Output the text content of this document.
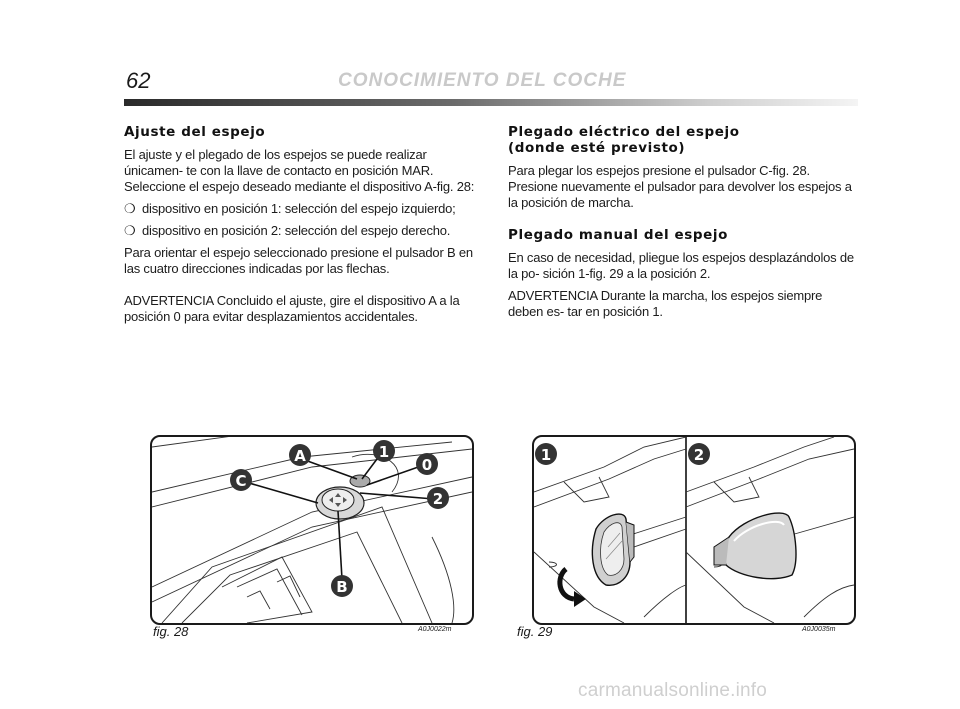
62	CONOCIMIENTO DEL COCHE

Ajuste del espejo

El ajuste y el plegado de los espejos se puede realizar únicamen- te con la llave de contacto en posición MAR.

Seleccione el espejo deseado mediante el dispositivo A-fig. 28:

❍ dispositivo en posición 1: selección del espejo izquierdo;
❍ dispositivo en posición 2: selección del espejo derecho.

Para orientar el espejo seleccionado presione el pulsador B en las cuatro direcciones indicadas por las flechas.

ADVERTENCIA Concluido el ajuste, gire el dispositivo A a la posición 0 para evitar desplazamientos accidentales.

Plegado eléctrico del espejo

(donde esté previsto)

Para plegar los espejos presione el pulsador C-fig. 28. Presione nuevamente el pulsador para devolver los espejos a la posición de marcha.

Plegado manual del espejo

En caso de necesidad, pliegue los espejos desplazándolos de la po- sición 1-fig. 29 a la posición 2.

ADVERTENCIA Durante la marcha, los espejos siempre deben es- tar en posición 1.

A	1
0
2
C
B
fig. 28	A0J0022m
1	2
fig. 29	A0J0035m
carmanualsonline.info
